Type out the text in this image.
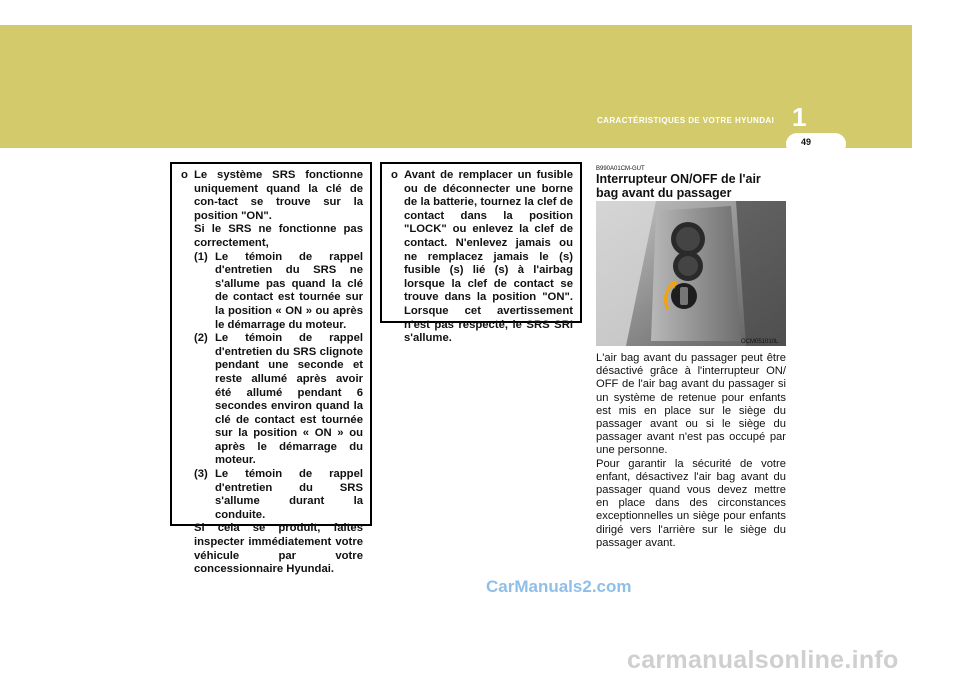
CARACTÉRISTIQUES DE VOTRE HYUNDAI 1
49
o Le système SRS fonctionne uniquement quand la clé de con-tact se trouve sur la position "ON".

Si le SRS ne fonctionne pas correctement,

(1) Le témoin de rappel d'entretien du SRS ne s'allume pas quand la clé de contact est tournée sur la position « ON » ou après le démarrage du moteur.
(2) Le témoin de rappel d'entretien du SRS clignote pendant une seconde et reste allumé après avoir été allumé pendant 6 secondes environ quand la clé de contact est tournée sur la position « ON » ou après le démarrage du moteur.
(3) Le témoin de rappel d'entretien du SRS s'allume durant la conduite.

Si cela se produit, faites inspecter immédiatement votre véhicule par votre concessionnaire Hyundai.

o Avant de remplacer un fusible ou de déconnecter une borne de la batterie, tournez la clef de contact dans la position "LOCK" ou enlevez la clef de contact. N'enlevez jamais ou ne remplacez jamais le (s) fusible (s) lié (s) à l'airbag lorsque la clef de contact se trouve dans la position "ON". Lorsque cet avertissement n'est pas respecté, le SRS SRI s'allume.
B990A01CM-GUT
Interrupteur ON/OFF de l'air bag avant du passager
OCM051010L

L'air bag avant du passager peut être désactivé grâce à l'interrupteur ON/ OFF de l'air bag avant du passager si un système de retenue pour enfants est mis en place sur le siège du passager avant ou si le siège du passager avant n'est pas occupé par une personne.

Pour garantir la sécurité de votre enfant, désactivez l'air bag avant du passager quand vous devez mettre en place dans des circonstances exceptionnelles un siège pour enfants dirigé vers l'arrière sur le siège du passager avant.

CarManuals2.com
carmanualsonline.info
